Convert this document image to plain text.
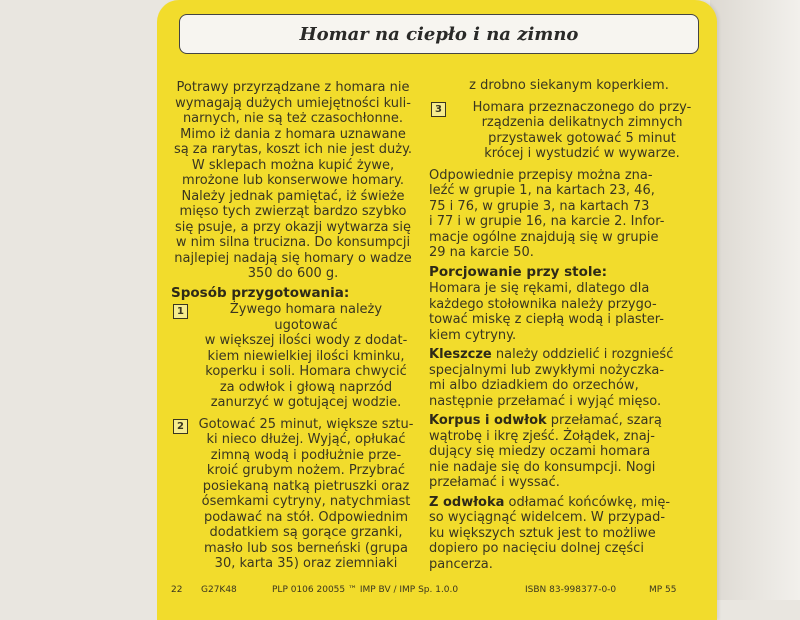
Homar na ciepło i na zimno
Potrawy przyrządzane z homara nie
wymagają dużych umiejętności kuli-
narnych, nie są też czasochłonne.
Mimo iż dania z homara uznawane
są za rarytas, koszt ich nie jest duży.
W sklepach można kupić żywe,
mrożone lub konserwowe homary.
Należy jednak pamiętać, iż świeże
mięso tych zwierząt bardzo szybko
się psuje, a przy okazji wytwarza się
w nim silna trucizna. Do konsumpcji
najlepiej nadają się homary o wadze
350 do 600 g.
Sposób przygotowania:
1	Żywego homara należy ugotować
w większej ilości wody z dodat-
kiem niewielkiej ilości kminku,
koperku i soli. Homara chwycić
za odwłok i głową naprzód
zanurzyć w gotującej wodzie.
2	Gotować 25 minut, większe sztu-
ki nieco dłużej. Wyjąć, opłukać
zimną wodą i podłużnie prze-
kroić grubym nożem. Przybrać
posiekaną natką pietruszki oraz
ósemkami cytryny, natychmiast
podawać na stół. Odpowiednim
dodatkiem są gorące grzanki,
masło lub sos berneński (grupa
30, karta 35) oraz ziemniaki
z drobno siekanym koperkiem.
3	Homara przeznaczonego do przy-
rządzenia delikatnych zimnych
przystawek gotować 5 minut
krócej i wystudzić w wywarze.
Odpowiednie przepisy można zna-
leźć w grupie 1, na kartach 23, 46,
75 i 76, w grupie 3, na kartach 73
i 77 i w grupie 16, na karcie 2. Infor-
macje ogólne znajdują się w grupie
29 na karcie 50.
Porcjowanie przy stole:
Homara je się rękami, dlatego dla
każdego stołownika należy przygo-
tować miskę z ciepłą wodą i plaster-
kiem cytryny.
Kleszcze należy oddzielić i rozgnieść
specjalnymi lub zwykłymi nożyczka-
mi albo dziadkiem do orzechów,
następnie przełamać i wyjąć mięso.
Korpus i odwłok przełamać, szarą
wątrobę i ikrę zjeść. Żołądek, znaj-
dujący się miedzy oczami homara
nie nadaje się do konsumpcji. Nogi
przełamać i wyssać.
Z odwłoka odłamać końcówkę, mię-
so wyciągnąć widelcem. W przypad-
ku większych sztuk jest to możliwe
dopiero po nacięciu dolnej części
pancerza.
22 G27K48	PLP 0106 20055 ™ IMP BV / IMP Sp. 1.0.0	ISBN 83-998377-0-0	MP 55
